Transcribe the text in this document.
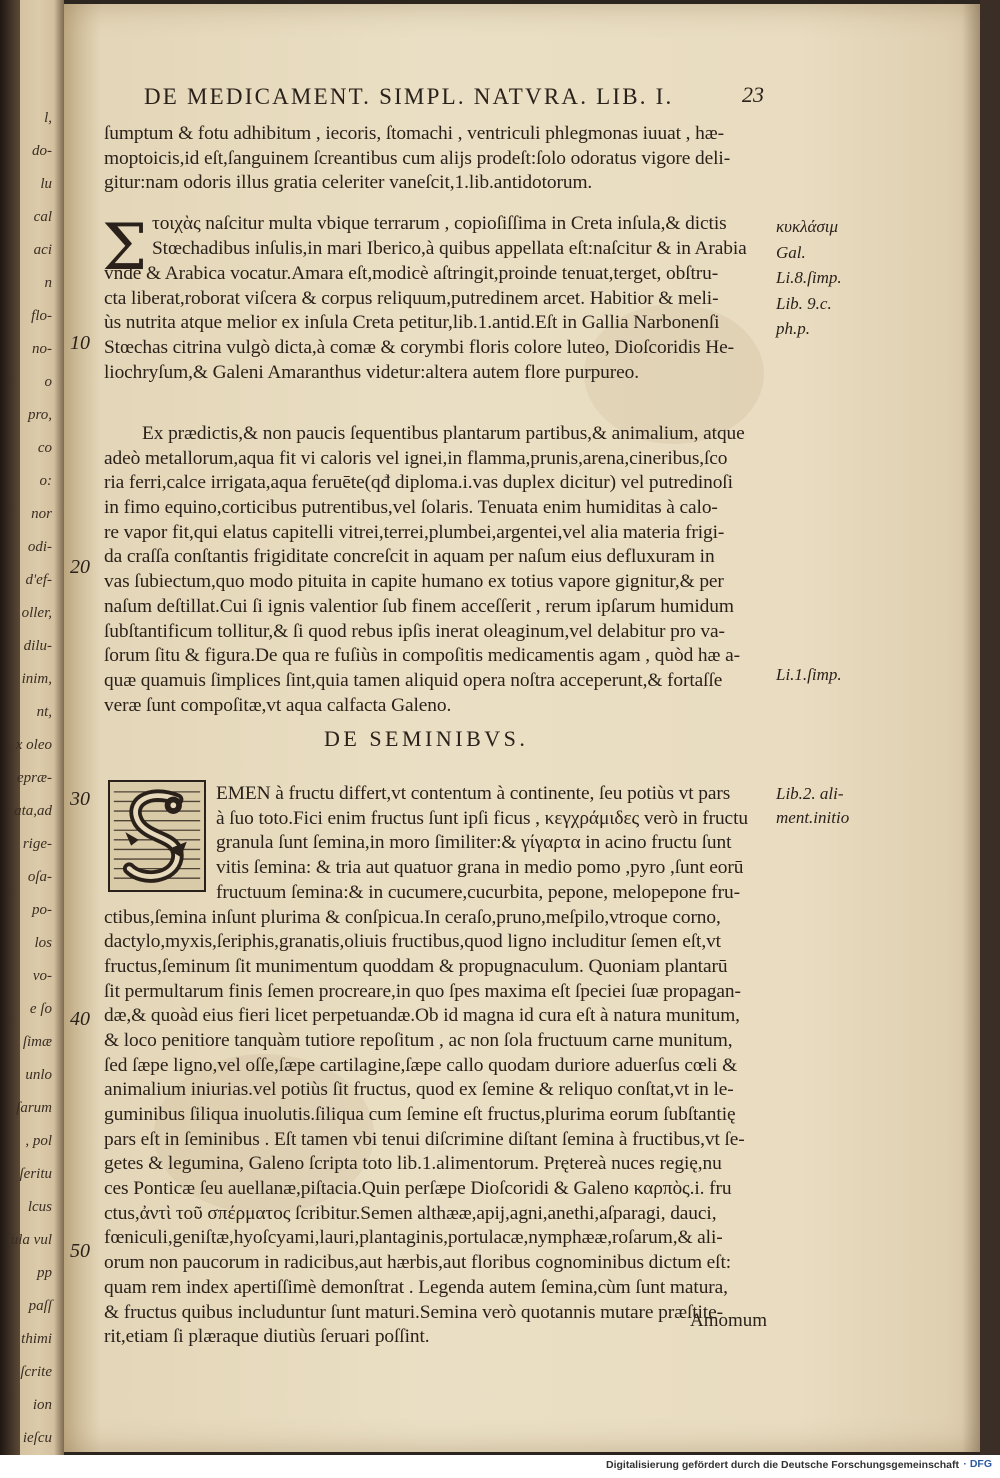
l,
do-
lu
cal
aci
n
flo-
no-
o
pro,
co
o:
nor
odi-
d'ef-
oller,
dilu-
inim,
nt,
x oleo
epræ-
ata,ad
rige-
oſa-
po-
los
vo-
e ſo
ſimæ
unlo
ſarum
, pol
ſeritu
lcus
ula vul
pp
paſſ
thimi
ſcrite
ion
ieſcu
DE MEDICAMENT. SIMPL. NATVRA. LIB. I.	23
ſumptum & fotu adhibitum , iecoris, ſtomachi , ventriculi phlegmonas iuuat , hæ-
moptoicis,id eſt,ſanguinem ſcreantibus cum alijs prodeſt:ſolo odoratus vigore deli-
gitur:nam odoris illus gratia celeriter vaneſcit,1.lib.antidotorum.
Σ τοιχὰς naſcitur multa vbique terrarum , copioſiſſima in Creta inſula,& dictis
Stœchadibus inſulis,in mari Iberico,à quibus appellata eſt:naſcitur & in Arabia
vnde & Arabica vocatur.Amara eſt,modicè aſtringit,proinde tenuat,terget, obſtru-
cta liberat,roborat viſcera & corpus reliquum,putredinem arcet. Habitior & meli-
ùs nutrita atque melior ex inſula Creta petitur,lib.1.antid.Eſt in Gallia Narbonenſi
Stœchas citrina vulgò dicta,à comæ & corymbi floris colore luteo, Dioſcoridis He-
liochryſum,& Galeni Amaranthus videtur:altera autem flore purpureo.
Ex prædictis,& non paucis ſequentibus plantarum partibus,& animalium, atque
adeò metallorum,aqua fit vi caloris vel ignei,in flamma,prunis,arena,cineribus,ſco
ria ferri,calce irrigata,aqua feruēte(qđ diploma.i.vas duplex dicitur) vel putredinoſi
in fimo equino,corticibus putrentibus,vel ſolaris. Tenuata enim humiditas à calo-
re vapor fit,qui elatus capitelli vitrei,terrei,plumbei,argentei,vel alia materia frigi-
da craſſa conſtantis frigiditate concreſcit in aquam per naſum eius defluxuram in
vas ſubiectum,quo modo pituita in capite humano ex totius vapore gignitur,& per
naſum deſtillat.Cui ſi ignis valentior ſub finem acceſſerit , rerum ipſarum humidum
ſubſtantificum tollitur,& ſi quod rebus ipſis inerat oleaginum,vel delabitur pro va-
ſorum ſitu & figura.De qua re fuſiùs in compoſitis medicamentis agam , quòd hæ a-
quæ quamuis ſimplices ſint,quia tamen aliquid opera noſtra acceperunt,& fortaſſe
veræ ſunt compoſitæ,vt aqua calfacta Galeno.
DE SEMINIBVS.
EMEN à fructu differt,vt contentum à continente, ſeu potiùs vt pars
à ſuo toto.Fici enim fructus ſunt ipſi ficus , κεγχράμιδες verò in fructu
granula ſunt ſemina,in moro ſimiliter:& γίγαρτα in acino fructu ſunt
vitis ſemina: & tria aut quatuor grana in medio pomo ,pyro ,ſunt eorū
fructuum ſemina:& in cucumere,cucurbita, pepone, melopepone fru-
ctibus,ſemina inſunt plurima & conſpicua.In ceraſo,pruno,meſpilo,vtroque corno,
dactylo,myxis,ſeriphis,granatis,oliuis fructibus,quod ligno includitur ſemen eſt,vt
fructus,ſeminum ſit munimentum quoddam & propugnaculum. Quoniam plantarū
ſit permultarum finis ſemen procreare,in quo ſpes maxima eſt ſpeciei ſuæ propagan-
dæ,& quoàd eius fieri licet perpetuandæ.Ob id magna id cura eſt à natura munitum,
& loco penitiore tanquàm tutiore repoſitum , ac non ſola fructuum carne munitum,
ſed ſæpe ligno,vel oſſe,ſæpe cartilagine,ſæpe callo quodam duriore aduerſus cœli &
animalium iniurias.vel potiùs ſit fructus, quod ex ſemine & reliquo conſtat,vt in le-
guminibus ſiliqua inuolutis.ſiliqua cum ſemine eſt fructus,plurima eorum ſubſtantię
pars eſt in ſeminibus . Eſt tamen vbi tenui diſcrimine diſtant ſemina à fructibus,vt ſe-
getes & legumina, Galeno ſcripta toto lib.1.alimentorum. Prętereà nuces regię,nu
ces Ponticæ ſeu auellanæ,piſtacia.Quin perſæpe Dioſcoridi & Galeno καρπὸς.i. fru
ctus,ἀντὶ τοῦ σπέρματος ſcribitur.Semen althææ,apij,agni,anethi,aſparagi, dauci,
fœniculi,geniſtæ,hyoſcyami,lauri,plantaginis,portulacæ,nymphææ,roſarum,& ali-
orum non paucorum in radicibus,aut hærbis,aut floribus cognominibus dictum eſt:
quam rem index apertiſſimè demonſtrat . Legenda autem ſemina,cùm ſunt matura,
& fructus quibus includuntur ſunt maturi.Semina verò quotannis mutare præſtite-
rit,etiam ſi plæraque diutiùs ſeruari poſſint.
10
20
30
40
50
κυκλάσιμ
Gal.
Li.8.ſimp.
Lib. 9.c.
ph.p.
Li.1.ſimp.
Lib.2. ali-
ment.initio
Amomum
Digitalisierung gefördert durch die Deutsche Forschungsgemeinschaft · DFG
